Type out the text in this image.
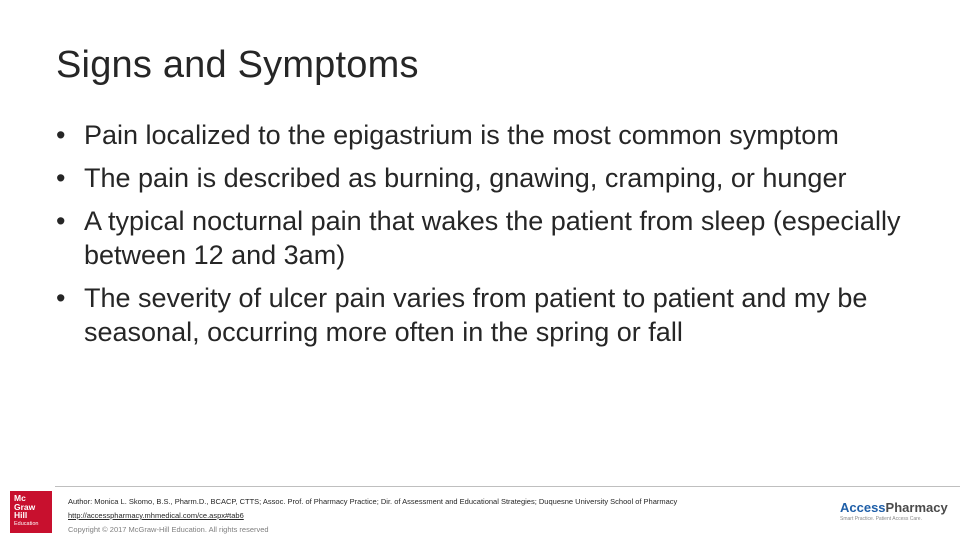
Signs and Symptoms
• Pain localized to the epigastrium is the most common symptom
• The pain is described as burning, gnawing, cramping, or hunger
• A typical nocturnal pain that wakes the patient from sleep (especially between 12 and 3am)
• The severity of ulcer pain varies from patient to patient and my be seasonal, occurring more often in the spring or fall
Mc
Graw
Hill
Education
Author: Monica L. Skomo, B.S., Pharm.D., BCACP, CTTS; Assoc. Prof. of Pharmacy Practice; Dir. of Assessment and Educational Strategies; Duquesne University School of Pharmacy
http://accesspharmacy.mhmedical.com/ce.aspx#tab6
Copyright © 2017 McGraw-Hill Education. All rights reserved
AccessPharmacy
Smart Practice. Patient Access Care.
